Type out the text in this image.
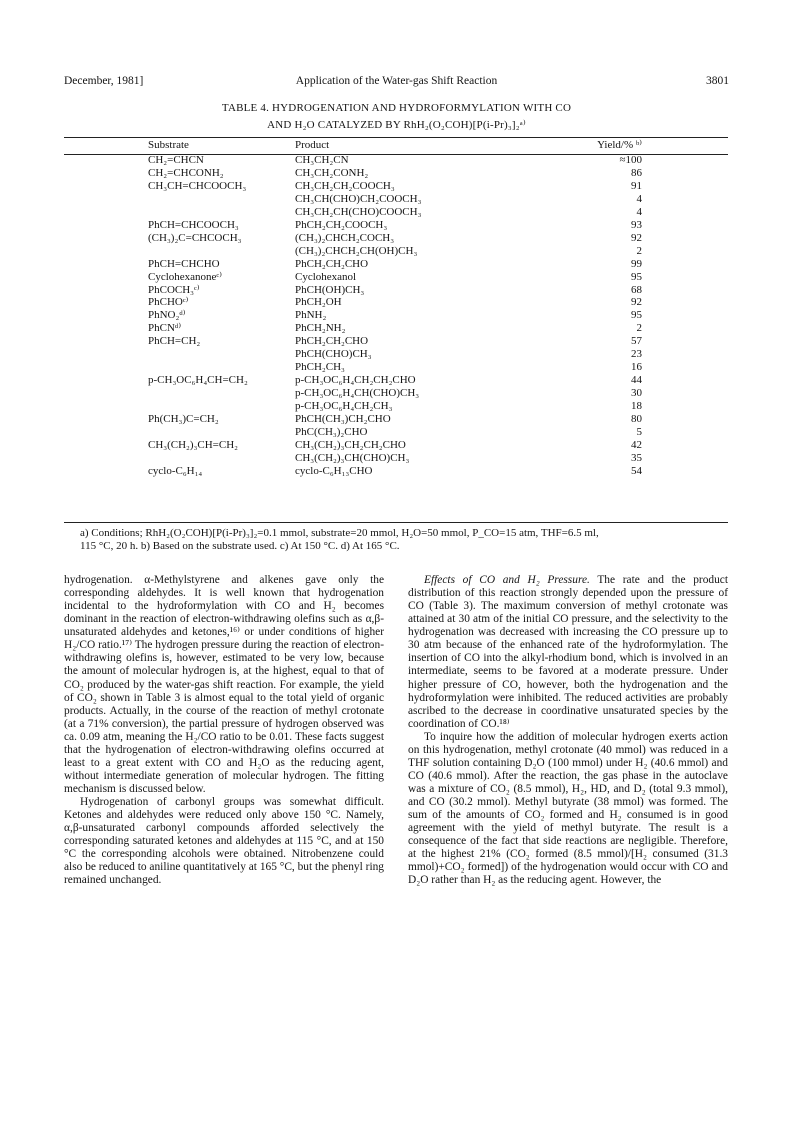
December, 1981]	Application of the Water-gas Shift Reaction	3801
TABLE 4. HYDROGENATION AND HYDROFORMYLATION WITH CO
AND H₂O CATALYZED BY RhH₂(O₂COH)[P(i-Pr)₃]₂ᵃ⁾
Substrate	Product	Yield/% ᵇ⁾
CH₂=CHCN	CH₃CH₂CN	≈100
CH₂=CHCONH₂	CH₃CH₂CONH₂	86
CH₃CH=CHCOOCH₃	CH₃CH₂CH₂COOCH₃	91
	CH₃CH(CHO)CH₂COOCH₃	4
	CH₃CH₂CH(CHO)COOCH₃	4
PhCH=CHCOOCH₃	PhCH₂CH₂COOCH₃	93
(CH₃)₂C=CHCOCH₃	(CH₃)₂CHCH₂COCH₃	92
	(CH₃)₂CHCH₂CH(OH)CH₃	2
PhCH=CHCHO	PhCH₂CH₂CHO	99
Cyclohexanoneᶜ⁾	Cyclohexanol	95
PhCOCH₃ᶜ⁾	PhCH(OH)CH₃	68
PhCHOᶜ⁾	PhCH₂OH	92
PhNO₂ᵈ⁾	PhNH₂	95
PhCNᵈ⁾	PhCH₂NH₂	2
PhCH=CH₂	PhCH₂CH₂CHO	57
	PhCH(CHO)CH₃	23
	PhCH₂CH₃	16
p-CH₃OC₆H₄CH=CH₂	p-CH₃OC₆H₄CH₂CH₂CHO	44
	p-CH₃OC₆H₄CH(CHO)CH₃	30
	p-CH₃OC₆H₄CH₂CH₃	18
Ph(CH₃)C=CH₂	PhCH(CH₃)CH₂CHO	80
	PhC(CH₃)₂CHO	5
CH₃(CH₂)₃CH=CH₂	CH₃(CH₂)₃CH₂CH₂CHO	42
	CH₃(CH₂)₃CH(CHO)CH₃	35
cyclo-C₆H₁₄	cyclo-C₆H₁₃CHO	54
a) Conditions; RhH₂(O₂COH)[P(i-Pr)₃]₂=0.1 mmol, substrate=20 mmol, H₂O=50 mmol, P_CO=15 atm, THF=6.5 ml,
115 °C, 20 h. b) Based on the substrate used. c) At 150 °C. d) At 165 °C.

hydrogenation. α-Methylstyrene and alkenes gave only the corresponding aldehydes. It is well known that hydrogenation incidental to the hydroformylation with CO and H₂ becomes dominant in the reaction of electron-withdrawing olefins such as α,β-unsaturated aldehydes and ketones,¹⁶⁾ or under conditions of higher H₂/CO ratio.¹⁷⁾ The hydrogen pressure during the reaction of electron-withdrawing olefins is, however, estimated to be very low, because the amount of molecular hydrogen is, at the highest, equal to that of CO₂ produced by the water-gas shift reaction. For example, the yield of CO₂ shown in Table 3 is almost equal to the total yield of organic products. Actually, in the course of the reaction of methyl crotonate (at a 71% conversion), the partial pressure of hydrogen observed was ca. 0.09 atm, meaning the H₂/CO ratio to be 0.01. These facts suggest that the hydrogenation of electron-withdrawing olefins occurred at least to a great extent with CO and H₂O as the reducing agent, without intermediate generation of molecular hydrogen. The fitting mechanism is discussed below.

Hydrogenation of carbonyl groups was somewhat difficult. Ketones and aldehydes were reduced only above 150 °C. Namely, α,β-unsaturated carbonyl compounds afforded selectively the corresponding saturated ketones and aldehydes at 115 °C, and at 150 °C the corresponding alcohols were obtained. Nitrobenzene could also be reduced to aniline quantitatively at 165 °C, but the phenyl ring remained unchanged.

Effects of CO and H₂ Pressure. The rate and the product distribution of this reaction strongly depended upon the pressure of CO (Table 3). The maximum conversion of methyl crotonate was attained at 30 atm of the initial CO pressure, and the selectivity to the hydrogenation was decreased with increasing the CO pressure up to 30 atm because of the enhanced rate of the hydroformylation. The insertion of CO into the alkyl-rhodium bond, which is involved in an intermediate, seems to be favored at a moderate pressure. Under higher pressure of CO, however, both the hydrogenation and the hydroformylation were inhibited. The reduced activities are probably ascribed to the decrease in coordinative unsaturated species by the coordination of CO.¹⁸⁾

To inquire how the addition of molecular hydrogen exerts action on this hydrogenation, methyl crotonate (40 mmol) was reduced in a THF solution containing D₂O (100 mmol) under H₂ (40.6 mmol) and CO (40.6 mmol). After the reaction, the gas phase in the autoclave was a mixture of CO₂ (8.5 mmol), H₂, HD, and D₂ (total 9.3 mmol), and CO (30.2 mmol). Methyl butyrate (38 mmol) was formed. The sum of the amounts of CO₂ formed and H₂ consumed is in good agreement with the yield of methyl butyrate. The result is a consequence of the fact that side reactions are negligible. Therefore, at the highest 21% (CO₂ formed (8.5 mmol)/[H₂ consumed (31.3 mmol)+CO₂ formed]) of the hydrogenation would occur with CO and D₂O rather than H₂ as the reducing agent. However, the
